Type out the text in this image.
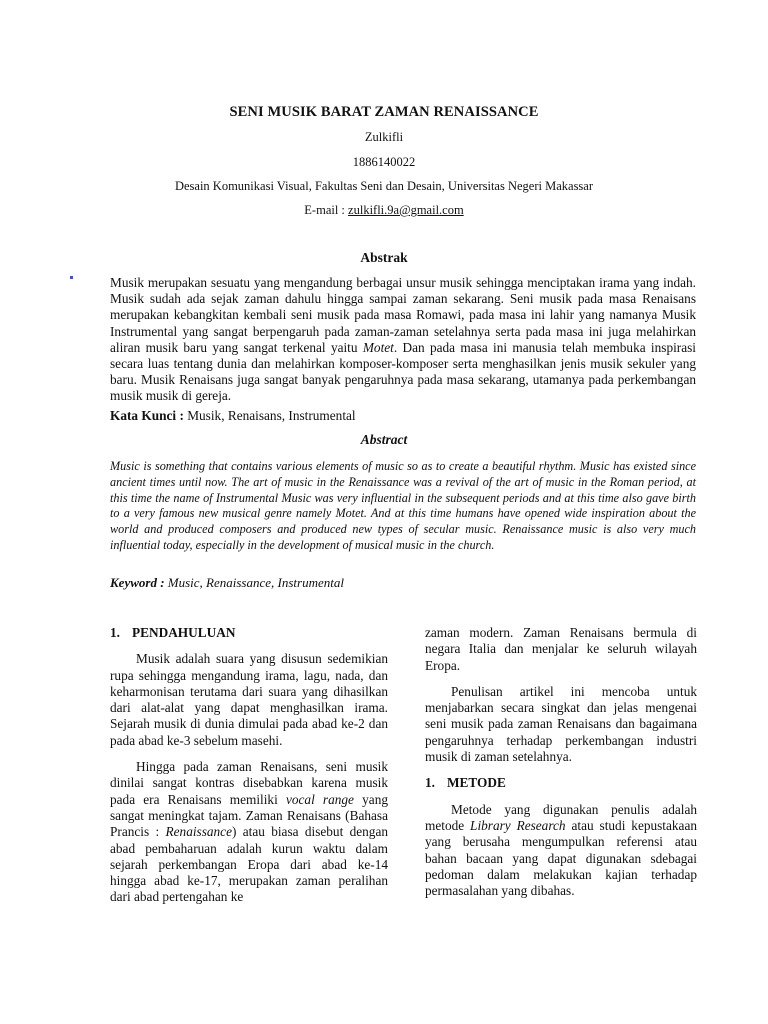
SENI MUSIK BARAT ZAMAN RENAISSANCE
Zulkifli
1886140022
Desain Komunikasi Visual, Fakultas Seni dan Desain, Universitas Negeri Makassar
E-mail : zulkifli.9a@gmail.com
Abstrak
Musik merupakan sesuatu yang mengandung berbagai unsur musik sehingga menciptakan irama yang indah. Musik sudah ada sejak zaman dahulu hingga sampai zaman sekarang. Seni musik pada masa Renaisans merupakan kebangkitan kembali seni musik pada masa Romawi, pada masa ini lahir yang namanya Musik Instrumental yang sangat berpengaruh pada zaman-zaman setelahnya serta pada masa ini juga melahirkan aliran musik baru yang sangat terkenal yaitu Motet. Dan pada masa ini manusia telah membuka inspirasi secara luas tentang dunia dan melahirkan komposer-komposer serta menghasilkan jenis musik sekuler yang baru. Musik Renaisans juga sangat banyak pengaruhnya pada masa sekarang, utamanya pada perkembangan musik musik di gereja.
Kata Kunci : Musik, Renaisans, Instrumental
Abstract
Music is something that contains various elements of music so as to create a beautiful rhythm. Music has existed since ancient times until now. The art of music in the Renaissance was a revival of the art of music in the Roman period, at this time the name of Instrumental Music was very influential in the subsequent periods and at this time also gave birth to a very famous new musical genre namely Motet. And at this time humans have opened wide inspiration about the world and produced composers and produced new types of secular music. Renaissance music is also very much influential today, especially in the development of musical music in the church.
Keyword : Music, Renaissance, Instrumental
1. PENDAHULUAN

Musik adalah suara yang disusun sedemikian rupa sehingga mengandung irama, lagu, nada, dan keharmonisan terutama dari suara yang dihasilkan dari alat-alat yang dapat menghasilkan irama. Sejarah musik di dunia dimulai pada abad ke-2 dan pada abad ke-3 sebelum masehi.

Hingga pada zaman Renaisans, seni musik dinilai sangat kontras disebabkan karena musik pada era Renaisans memiliki vocal range yang sangat meningkat tajam. Zaman Renaisans (Bahasa Prancis : Renaissance) atau biasa disebut dengan abad pembaharuan adalah kurun waktu dalam sejarah perkembangan Eropa dari abad ke-14 hingga abad ke-17, merupakan zaman peralihan dari abad pertengahan ke

zaman modern. Zaman Renaisans bermula di negara Italia dan menjalar ke seluruh wilayah Eropa.

Penulisan artikel ini mencoba untuk menjabarkan secara singkat dan jelas mengenai seni musik pada zaman Renaisans dan bagaimana pengaruhnya terhadap perkembangan industri musik di zaman setelahnya.

1. METODE

Metode yang digunakan penulis adalah metode Library Research atau studi kepustakaan yang berusaha mengumpulkan referensi atau bahan bacaan yang dapat digunakan sdebagai pedoman dalam melakukan kajian terhadap permasalahan yang dibahas.
